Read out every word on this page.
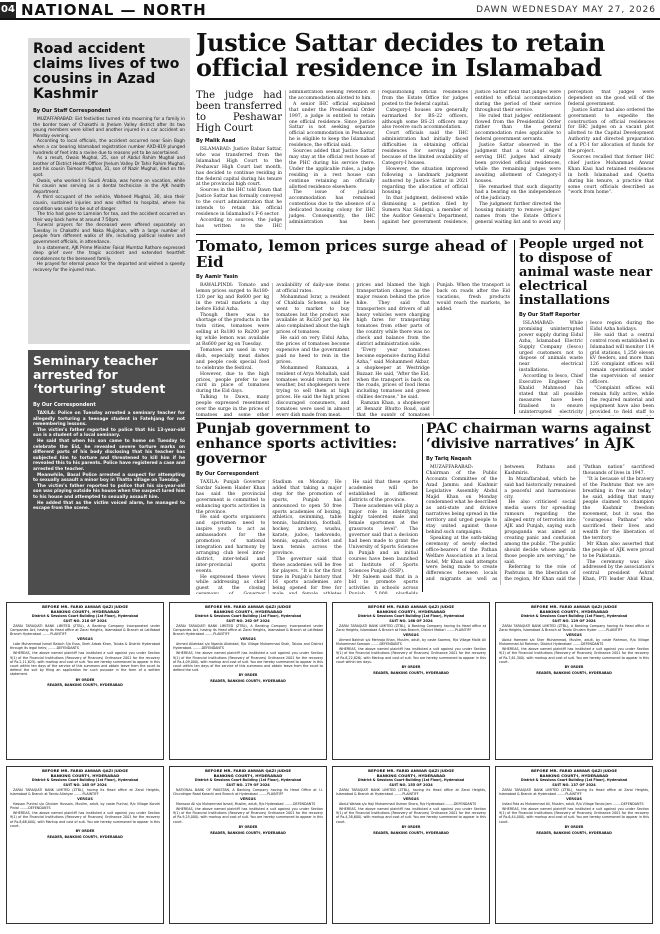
04 NATIONAL — NORTH	DAWN WEDNESDAY MAY 27, 2026
Road accident claims lives of two cousins in Azad Kashmir
By Our Staff Correspondent
MUZAFFARABAD: Eid festivities turned into mourning for a family in the border town of Chakothi in Jhelum Valley district after its two young members were killed and another injured in a car accident on Monday evening.
According to local officials, the accident occurred near Sain Bagh when a car bearing Islamabad registration number AXD-819 plunged hundreds of feet into a ravine due to reasons yet to be ascertained.
As a result, Owais Mughal, 25, son of Abdul Rahim Mughal and brother of District Health Officer Jhelum Valley Dr Tahir Rahim Mughal, and his cousin Taimoor Mughal, 31, son of Nazir Mughal, died on the spot.
Owais, who worked in Saudi Arabia, was home on vacation, while his cousin was serving as a dental technician in the AJK health department.
A third occupant of the vehicle, Waheed Mughal, 30, also their cousin, sustained injuries and was shifted to hospital, where his condition was said to be out of danger.
The trio had gone to Lamnian for tea, and the accident occurred on their way back home at around 7:50pm.
Funeral prayers for the deceased were offered separately on Tuesday in Chakothi and Naka Mujjohan, with a large number of people from different walks of life, including political leaders and government officials, in attendance.
In a statement, AJK Prime Minister Faisal Mumtaz Rathore expressed deep grief over the tragic accident and extended heartfelt condolences to the bereaved family.
He prayed for eternal peace for the departed and wished a speedy recovery for the injured man.
Seminary teacher arrested for ‘torturing’ student
By Our Correspondent
TAXILA: Police on Tuesday arrested a seminary teacher for allegedly torturing a teenage student in Fatehjang for not remembering lessons.
The victim’s father reported to police that his 13-year-old son is a student of a local seminary.
He said that when his son came to home on Tuesday to celebrate the Eid, he revealed severe torture marks on different parts of his body disclosing that his teacher has subjected him to torture and threatened to kill him if he revealed this to his parents. Police have registered a case and arrested the teacher.
Meanwhile, Basal Police arrested a suspect for attempting to sexually assault a minor boy in Thatta village on Tuesday.
The victim’s father reported to police that his six-year-old son was playing outside his house when the suspect lured him to his house and attempted to sexually assault him.
He added that as the victim voiced alarm, he managed to escape from the scene.
Justice Sattar decides to retain official residence in Islamabad
The judge had been transferred to Peshawar High Court
By Malik Asad

ISLAMABAD: Justice Babar Sattar, who was transferred from the Islamabad High Court to the Peshawar High Court last month, has decided to continue residing in the federal capital during his tenure at the provincial high court.

Sources in the IHC told Dawn that Justice Sattar has formally conveyed to the court administration that he intends to retain his official residence in Islamabad’s F-6 sector.

According to sources, the judge has written to the IHC administration seeking retention of the accommodation allotted to him.

A senior IHC official explained that under the Presidential Order 1997, a judge is entitled to retain one official residence. Since Justice Sattar is not seeking separate official accommodation in Peshawar, he is eligible to keep the Islamabad residence, the official said.

Sources added that Justice Sattar may stay at the official rest house of the PHC during his service there. Under the applicable rules, a judge residing in a rest house can continue retaining an officially allotted residence elsewhere.

The issue of judicial accommodation has remained contentious due to the absence of a dedicated housing colony for IHC judges. Consequently, the IHC administration has been requisitioning official residences from the Estate Office for judges posted to the federal capital.

Category-I houses are generally earmarked for BS-22 officers, although some BS-21 officers may also receive such accommodation.

Court officials said the IHC administration had initially faced difficulties in obtaining official residences for serving judges because of the limited availability of Category-I houses.

However, the situation improved following a landmark judgment authored by Justice Sattar in 2021 regarding the allocation of official housing.

In that judgment, delivered while dismissing a petition filed by Sumera Naz Siddiqui, a member of the Auditor General’s Department, against her government residence, Justice Sattar held that judges were entitled to official accommodation during the period of their service throughout their service.

He ruled that judges’ entitlement flowed from the Presidential Order rather than the general accommodation rules applicable to federal government servants.

Justice Sattar observed in the judgment that a total of eight serving IHC judges had already been provided official residences, while the remaining judges were awaiting allotment of Category-I houses.

He remarked that such disparity had a bearing on the independence of the judiciary.

The judgment further directed the housing ministry to remove judges’ names from the Estate Office’s general waiting list and to avoid any perception that judges were dependent on the good will of the federal government.

Justice Sattar had also ordered the government to expedite the construction of official residences for IHC judges on a vacant plot allotted to the Capital Development Authority and directed preparation of a PC-I for allocation of funds for the project.

Sources recalled that former IHC chief justice Mohammad Anwar Khan Kasi had retained residences in both Islamabad and Quetta during his tenure, a practice that some court officials described as “work from home”.

Tomato, lemon prices surge ahead of Eid
By Aamir Yasin

RAWALPINDI: Tomato and lemon prices surged to Rs180-120 per kg and Rs600 per kg in the retail markets a day before Eidul Azha.

Though there was no shortage of the products in the twin cities, tomatoes were selling at Rs180 to Rs200 per kg while lemon was available at Rs600 per kg on Tuesday.

Tomatoes are used in very dish, especially meat dishes and people cook special food to celebrate the festival.

However, due to the high prices, people prefer to use curd in place of tomatoes during the Eid days.

Talking to Dawn, many people expressed resentment over the surge in the prices of tomatoes and some other availability of daily-use items at official rates.

Mohammad Israr, a resident of Chaklala Scheme, said he went to market to buy tomatoes but the product was available at Rs320 per kg. He also complained about the high prices of tomatoes.

He said on very Eidul Azha, the prices of tomatoes become expensive and the government paid no heed to rein in the prices.

Mohammed Ramazan, a resident of Arya Mohallah, said tomatoes would return in hot weather, but shopkeepers were trying to sell them at high prices. He said the high prices discouraged consumers, and tomatoes were used in almost every dish made from meat.

prices and blamed the high transportation charges as the major reason behind the price hike. They said that transporters and drivers of all heavy vehicles were charging high fares for transporting tomatoes from other parts of the country while there was no check and balance from the district administration side.

“Every year tomatoes become expensive during Eidul Azha,” said Mohammed Akbar, a shopkeeper at Westridge Bazaar. He said, “After the Eid, when the transport is back on the roads, prices of food items including tomatoes and green chillies decrease,” he said.

Ramzan Khan, a shopkeeper at Benazir Bhutto Road, said that the supply of tomatoes Punjab. When the transport is back on roads after the Eid vacations, fresh products would reach the markets, he added.

People urged not to dispose of animal waste near electrical installations
By Our Staff Reporter

ISLAMABAD: While promising uninterrupted power supply during Eidul Azha, Islamabad Electric Supply Company (Iesco) urged customers not to dispose of animals waste near electrical installations.

According to Iesco, Chief Executive Engineer Ch Khalid Mahmood has stated that all possible measures have been finalised to ensure uninterrupted electricity Iesco region during the Eidul Azha holidays.

He said that a central control room established in Islamabad will monitor 114 grid stations, 1,250 eleven kV feeders, and more than 126 complaint offices will remain operational under the supervision of senior officers.

“Complaint offices will remain fully active, while the required material and equipment have also been provided to field staff to

Punjab government to enhance sports activities: governor
By Our Correspondent

TAXILA: Punjab Governor Sardar Saleem Haider Khan has said the provincial government is committed to enhancing sports activities in the province.

He said sports organisers and sportsmen need to inspire youth to act as ambassadors for the promotion of national integration and harmony by arranging club level inter-district, inter-tehsil and inter-provincial sports events.

He expressed these views while addressing as chief guest at the closing Stadium on Monday. He added that taking a major step for the promotion of sports, Punjab has announced to open 50 free sports academies of boxing, athletics, swimming, table tennis, badminton, football, hockey, archery, wushu, karate, judoo, taekwondo, tennis, squash, cricket and lawn tennis across the province.

The governor said that these academies will be free for players. “It is for the first time in Punjab’s history that 16 sports academies are being opened for free for

He said that these sports academies will be established in different districts of the province.

These academies will play a major role in identifying highly talented male and female sportsmen at the grassroots level”. The governor said that a decision had been made to grant the University of Sports Sciences in Punjab and an initial courses have been launched at Institute of Sports Sciences Punjab (ISSP).

Mr Saleem said that in a bid to promote sports activities in schools across

PAC chairman warns against ‘divisive narratives’ in AJK
By Tariq Naqash

MUZAFFARABAD: Chairman of the Public Accounts Committee of the Azad Jammu and Kashmir Legislative Assembly Abdul Majid Khan on Monday condemned what he described as anti-state and divisive narratives being spread in the territory and urged people to stay united against those behind such campaigns.

Speaking at the oath-taking ceremony of newly elected office-bearers of the Pathan Welfare Association at a local hotel, Mr Khan said attempts were being made to create differences between locals and migrants as well as between Pathans and Kashmiris.

In Muzaffarabad, which he said had historically remained a peaceful and harmonious city.

He also criticised social media users for spreading rumours regarding the alleged entry of terrorists into AJK and Punjab, saying such propaganda was aimed at creating panic and confusion among the public. “The public should decide whose agenda those people are serving,” he said.

Referring to the role of Pashtuns in the liberation of the region, Mr Khan said the “Pathan nation” sacrificed thousands of lives in 1947.

“It is because of the bravery of the Pashtuns that we are breathing in free air today,” he said, adding that many people claimed to champion the Kashmir freedom movement, but it was the “courageous Pathans” who sacrificed their lives and wealth for the liberation of the territory.

Mr Khan also asserted that the people of AJK were proud to be Pakistanis.

The ceremony was also addressed by the association’s central president Ashraf Khan, PTI leader Abid Khan,

BEFORE MR. FARID ANWAR QAZI JUDGE
BANKING COURT-I, HYDERABAD
District & Sessions Court Building (1st Floor), Hyderabad
SUIT NO. 218 OF 2024
ZARAI TARAQIATI BANK LIMITED (ZTBL), A Banking Company incorporated under Companies Act, having its Head office at Zarai Heights, Islamabad & Branch at Latifabad Branch Hyderabad ........PLAINTIFF
VERSUS
Late Muhammad Ismail Baloch S/o Essa, Sheh Arbab Khan, Taluka & District Hyderabad through its legal heirs; ........DEFENDANTS
WHEREAS, the above named plaintiff has instituted a suit against you under Section 9(1) of the Financial Institutions (Recovery of Finances) Ordinance 2001 for the recovery of Rs.2,11,625/- with markup and cost of suit. You are hereby summoned to appear in this court within ten days of the service of this summons and obtain leave from the court to defend the suit by filing an application for such purpose in the form of a written statement.
BY ORDER
READER, BANKING COURT-I, HYDERABAD
BEFORE MR. FARID ANWAR QAZI JUDGE
BANKING COURT-I, HYDERABAD
District & Sessions Court Building (1st Floor), Hyderabad
SUIT NO. 262 OF 2024
ZARAI TARAQIATI BANK LIMITED (ZTBL), A Banking Company incorporated under Companies Act, having its Head office at Zarai Heights, Islamabad & Branch at Latifabad Branch Hyderabad ........PLAINTIFF
VERSUS
Ahmed Allahdad s/o Nganio Allahdad, R/o Village Muhammad Shah, Taluka and District Hyderabad. ........DEFENDANTS
WHEREAS, the above named plaintiff has instituted a suit against you under Section 9(1) of the Financial Institutions (Recovery of Finances) Ordinance 2001 for the recovery of Rs.4,09,000/- with markup and cost of suit. You are hereby summoned to appear in this court within ten days of the service of this summons and obtain leave from the court to defend the suit.
BY ORDER
READER, BANKING COURT-I, HYDERABAD
BEFORE MR. FARID ANWAR QAZI JUDGE
BANKING COURT-I, HYDERABAD
District & Sessions Court Building (1st Floor), Hyderabad
SUIT NO. 168 OF 2024
ZARAI TARAQIATI BANK LIMITED (ZTBL), A Banking Company having its Head office at Zarai Heights, Islamabad & Branch at Hala Branch, District Matiari ........PLAINTIFF
VERSUS
Ahmed Bakhsh s/o Mehraja Khan, Muslim, adult, by caste Soomro, R/o Village Malik Ali Muhammad Samoon ........DEFENDANTS
WHEREAS, the above named plaintiff has instituted a suit against you under Section 9(1) of the Financial Institutions (Recovery of Finances) Ordinance 2001 for the recovery of Rs.8,22,826/- with Markup and cost of suit. You are hereby summoned to appear in this court within ten days.
BY ORDER
READER, BANKING COURT-I, HYDERABAD
BEFORE MR. FARID ANWAR QAZI JUDGE
BANKING COURT-I, HYDERABAD
District & Sessions Court Building (1st Floor), Hyderabad
SUIT NO. 129 OF 2024
ZARAI TARAQIATI BANK LIMITED (ZTBL), A Banking Company having its Head office at Zarai Heights, Islamabad & Branch at Tando Ghulam Hyder ........PLAINTIFF
VERSUS
Abdul Hameed s/o Sher Muhammad, Muslim, adult, by caste Rahmon, R/o Village Muhammad Ali Rahmon, District Hyderabad ........DEFENDANTS
WHEREAS, the above named plaintiff has instituted a suit against you under Section 9(1) of the Financial Institutions (Recovery of Finances) Ordinance 2001 for the recovery of Rs.7,61,300/- with markup and cost of suit. You are hereby summoned to appear in this court.
BY ORDER
READER, BANKING COURT-I, HYDERABAD
BEFORE MR. FARID ANWAR QAZI JUDGE
BANKING COURT-I, HYDERABAD
District & Sessions Court Building (1st Floor), Hyderabad
SUIT NO. 185 OF 2024
ZARAI TARAQIATI BANK LIMITED (ZTBL), having its Head office at Zarai Heights, Islamabad & Branch at Tando Allahyar ........PLAINTIFF
VERSUS
Hassan Punhal s/o Ghulam Hussain, Muslim, adult, by caste Punhal, R/o Village Kondri Pinial ........DEFENDANTS
WHEREAS, the above named plaintiff has instituted a suit against you under Section 9(1) of the Financial Institutions (Recovery of Finances) Ordinance 2001 for the recovery of Rs.8,68,000/- with Markup and cost of suit. You are hereby summoned to appear in this court.
BY ORDER
READER, BANKING COURT-I, HYDERABAD
BEFORE MR. FARID ANWAR QAZI JUDGE
BANKING COURT-I, HYDERABAD
District & Sessions Court Building (1st Floor), Hyderabad
SUIT NO. 179 OF 2024
NATIONAL BANK OF PAKISTAN, A Banking Company having its Head Office at I.I. Chundrigar Road Karachi and Branch at Hyderabad ........PLAINTIFF
VERSUS
Mansoor Ali s/o Muhammad Ismail, Muslim, adult, R/o Hyderabad ........DEFENDANTS
WHEREAS, the above named plaintiff has instituted a suit against you under Section 9(1) of the Financial Institutions (Recovery of Finances) Ordinance 2001 for the recovery of Rs.9,25,000/- with markup and cost of suit. You are hereby summoned to appear in this court.
BY ORDER
READER, BANKING COURT-I, HYDERABAD
BEFORE MR. FARID ANWAR QAZI JUDGE
BANKING COURT-I, HYDERABAD
District & Sessions Court Building (1st Floor), Hyderabad
SUIT NO. 155 OF 2024
ZARAI TARAQIATI BANK LIMITED (ZTBL), having its Head office at Zarai Heights, Islamabad & Branch at Hyderabad ........PLAINTIFF
VERSUS
Abdul Wahab s/o Haji Muhammad Usman Shoro, R/o Hyderabad ........DEFENDANTS
WHEREAS, the above named plaintiff has instituted a suit against you under Section 9(1) of the Financial Institutions (Recovery of Finances) Ordinance 2001 for the recovery of Rs.4,38,600/- with markup and cost of suit. You are hereby summoned to appear in this court.
BY ORDER
READER, BANKING COURT-I, HYDERABAD
BEFORE MR. FARID ANWAR QAZI JUDGE
BANKING COURT-I, HYDERABAD
District & Sessions Court Building (1st Floor), Hyderabad
SUIT NO. 137 OF 2024
ZARAI TARAQIATI BANK LIMITED (ZTBL), having its Head office at Zarai Heights, Islamabad & Branch at Hyderabad ........PLAINTIFF
VERSUS
Ustad Fida as Muhammad Ali, Muslim, adult, R/o Village Tando Jam ........DEFENDANTS
WHEREAS, the above named plaintiff has instituted a suit against you under Section 9(1) of the Financial Institutions (Recovery of Finances) Ordinance 2001 for the recovery of Rs.6,44,000/- with markup and cost of suit. You are hereby summoned to appear in this court.
BY ORDER
READER, BANKING COURT-I, HYDERABAD
